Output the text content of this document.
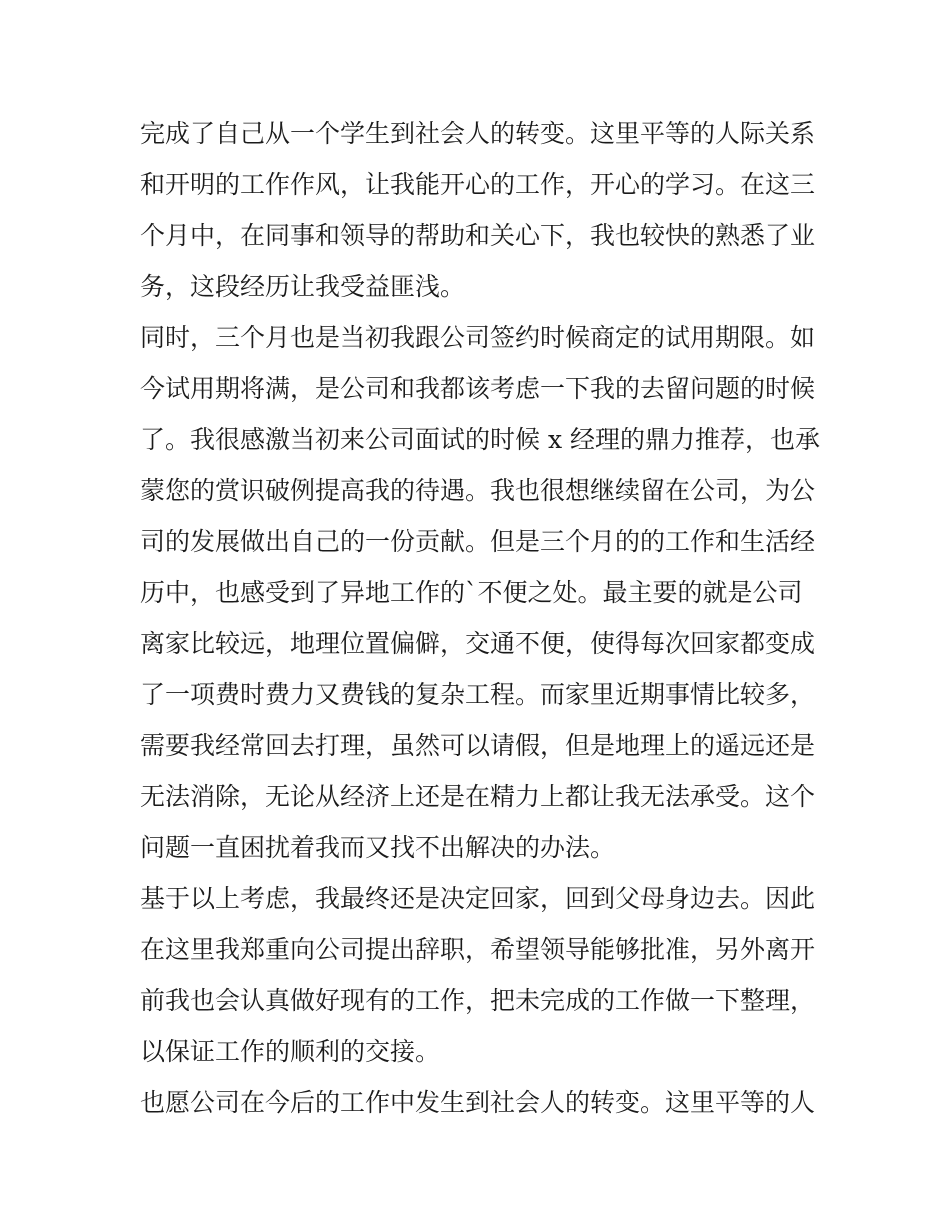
完成了自己从一个学生到社会人的转变。这里平等的人际关系
和开明的工作作风，让我能开心的工作，开心的学习。在这三
个月中，在同事和领导的帮助和关心下，我也较快的熟悉了业
务，这段经历让我受益匪浅。
同时，三个月也是当初我跟公司签约时候商定的试用期限。如
今试用期将满，是公司和我都该考虑一下我的去留问题的时候
了。我很感激当初来公司面试的时候 x 经理的鼎力推荐，也承
蒙您的赏识破例提高我的待遇。我也很想继续留在公司，为公
司的发展做出自己的一份贡献。但是三个月的的工作和生活经
历中，也感受到了异地工作的`不便之处。最主要的就是公司
离家比较远，地理位置偏僻，交通不便，使得每次回家都变成
了一项费时费力又费钱的复杂工程。而家里近期事情比较多，
需要我经常回去打理，虽然可以请假，但是地理上的遥远还是
无法消除，无论从经济上还是在精力上都让我无法承受。这个
问题一直困扰着我而又找不出解决的办法。
基于以上考虑，我最终还是决定回家，回到父母身边去。因此
在这里我郑重向公司提出辞职，希望领导能够批准，另外离开
前我也会认真做好现有的工作，把未完成的工作做一下整理，
以保证工作的顺利的交接。
也愿公司在今后的工作中发生到社会人的转变。这里平等的人
